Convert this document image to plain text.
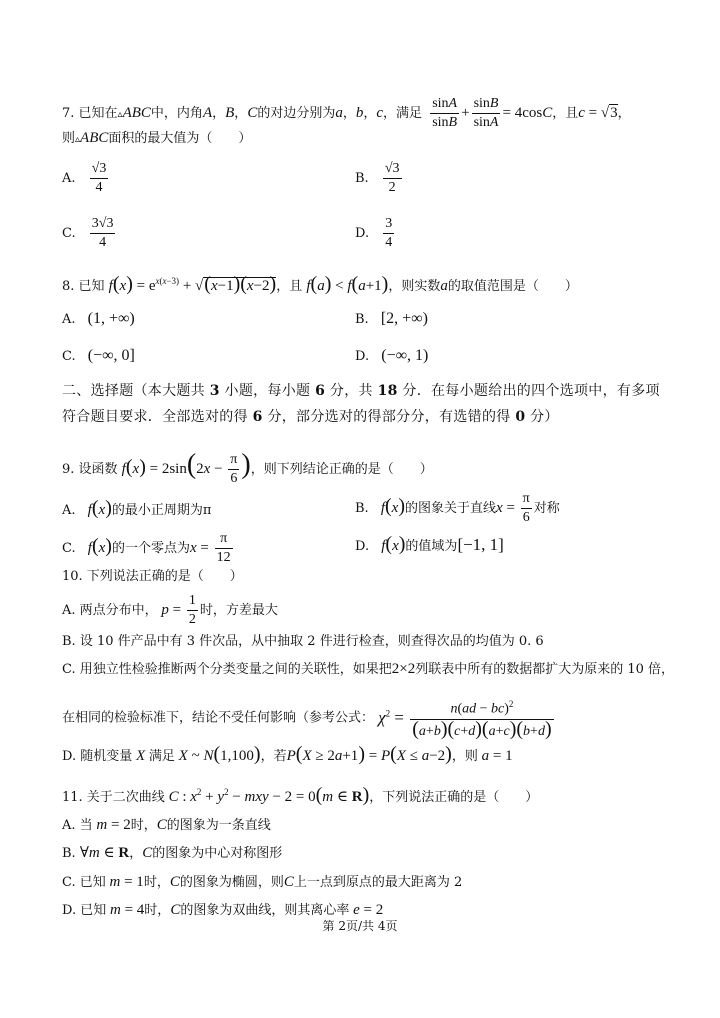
7. 已知在▵ABC中，内角A，B，C的对边分别为a，b，c，满足 $\frac{\sin A}{\sin B} + \frac{\sin B}{\sin A} = 4\cos C$，且c = √3，
则▵ABC面积的最大值为（　　）
A. $\frac{√3}{4}$	B. $\frac{√3}{2}$
C. $\frac{3√3}{4}$	D. $\frac{3}{4}$
8. 已知 $f(x) = e^{x(x-3)} + √(x-1)(x-2)$，且 f(a) < f(a+1)，则实数a的取值范围是（　　）
A. (1, +∞)	B. [2, +∞)
C. (−∞, 0]	D. (−∞, 1)
二、选择题（本大题共 3 小题，每小题 6 分，共 18 分．在每小题给出的四个选项中，有多项
符合题目要求．全部选对的得 6 分，部分选对的得部分分，有选错的得 0 分）
9. 设函数 $f(x) = 2\sin(2x - \frac{\pi}{6}$ )，则下列结论正确的是（　　）
A. f(x)的最小正周期为π	B. f(x)的图象关于直线$x = \frac{\pi}{6}$ 对称
C. f(x)的一个零点为$x = \frac{\pi}{12}$	D. f(x)的值域为[−1, 1]
10. 下列说法正确的是（　　）
A. 两点分布中， $p = \frac{1}{2}$ 时，方差最大
B. 设 10 件产品中有 3 件次品，从中抽取 2 件进行检查，则查得次品的均值为 0. 6
C. 用独立性检验推断两个分类变量之间的关联性，如果把2×2列联表中所有的数据都扩大为原来的 10 倍，
在相同的检验标准下，结论不受任何影响（参考公式： $\chi^2 = \frac{n(ad - bc)^2}{(a+b)(c+d)(a+c)(b+d)}$
D. 随机变量 X 满足 X ~ N(1,100)，若P(X ≥ 2a+1) = P(X ≤ a−2)，则 a = 1
11. 关于二次曲线 C : $x^2 + y^2$ − mxy − 2 = 0(m ∈ R)，下列说法正确的是（　　）
A. 当 m = 2时，C的图象为一条直线
B. ∀m ∈ R，C的图象为中心对称图形
C. 已知 m = 1时，C的图象为椭圆，则C上一点到原点的最大距离为 2
D. 已知 m = 4时，C的图象为双曲线，则其离心率 e = 2
第 2页/共 4页
